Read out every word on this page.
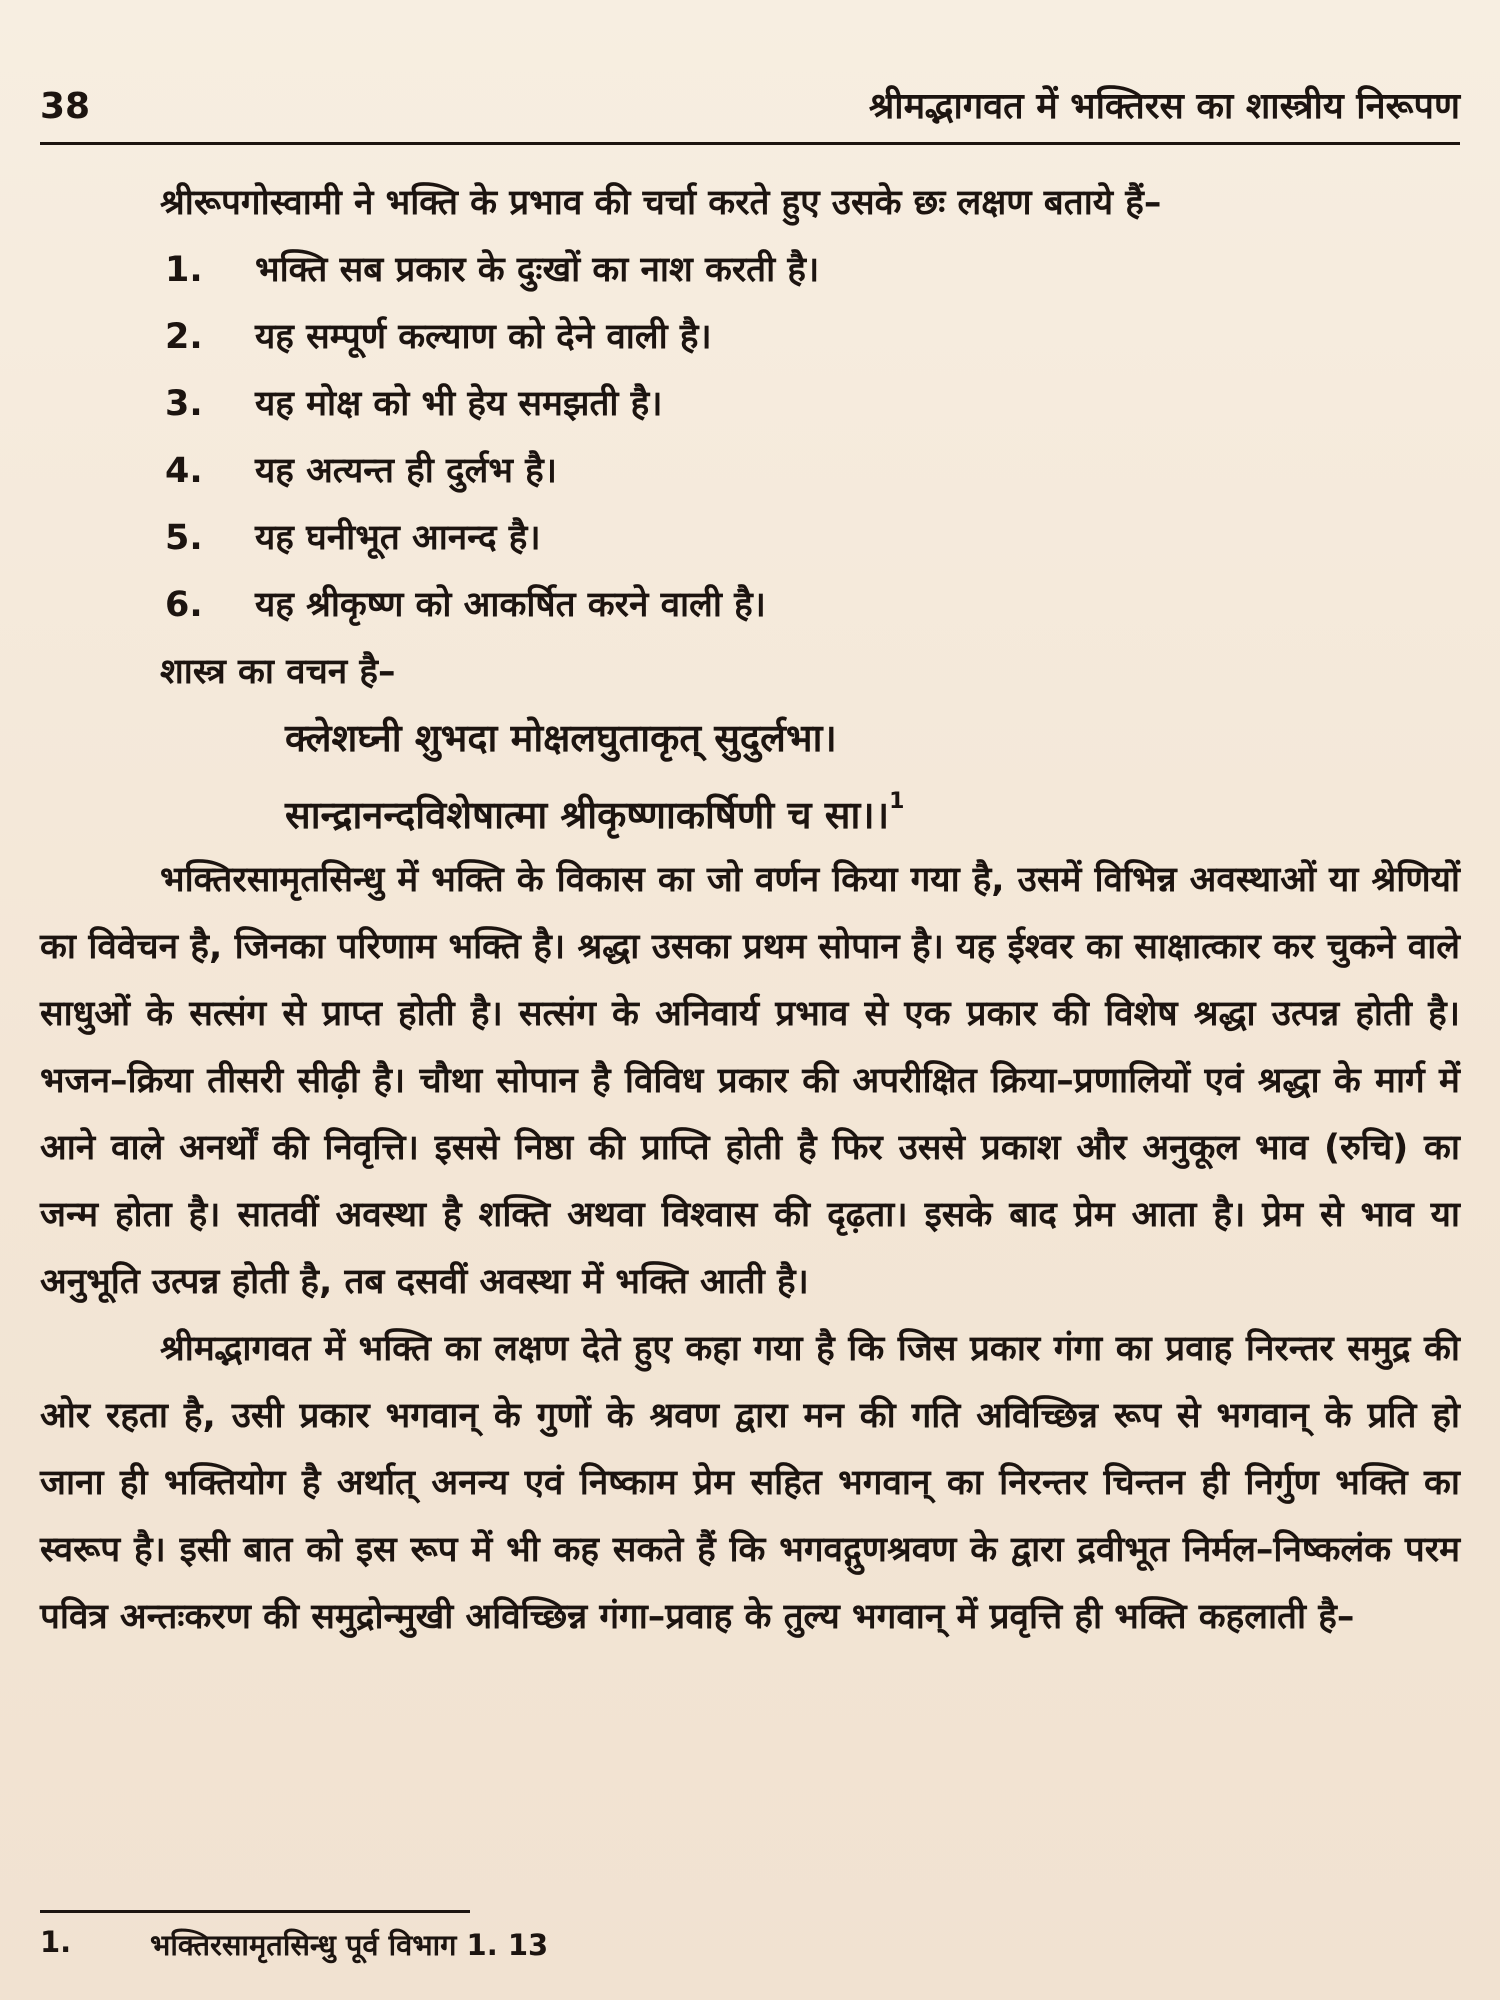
38	श्रीमद्भागवत में भक्तिरस का शास्त्रीय निरूपण

श्रीरूपगोस्वामी ने भक्ति के प्रभाव की चर्चा करते हुए उसके छः लक्षण बताये हैं–

1.	भक्ति सब प्रकार के दुःखों का नाश करती है।
2.	यह सम्पूर्ण कल्याण को देने वाली है।
3.	यह मोक्ष को भी हेय समझती है।
4.	यह अत्यन्त ही दुर्लभ है।
5.	यह घनीभूत आनन्द है।
6.	यह श्रीकृष्ण को आकर्षित करने वाली है।

शास्त्र का वचन है–

क्लेशघ्नी शुभदा मोक्षलघुताकृत् सुदुर्लभा।

सान्द्रानन्दविशेषात्मा श्रीकृष्णाकर्षिणी च सा।।$^1$

भक्तिरसामृतसिन्धु में भक्ति के विकास का जो वर्णन किया गया है, उसमें विभिन्न अवस्थाओं या श्रेणियों का विवेचन है, जिनका परिणाम भक्ति है। श्रद्धा उसका प्रथम सोपान है। यह ईश्वर का साक्षात्कार कर चुकने वाले साधुओं के सत्संग से प्राप्त होती है। सत्संग के अनिवार्य प्रभाव से एक प्रकार की विशेष श्रद्धा उत्पन्न होती है। भजन–क्रिया तीसरी सीढ़ी है। चौथा सोपान है विविध प्रकार की अपरीक्षित क्रिया–प्रणालियों एवं श्रद्धा के मार्ग में आने वाले अनर्थों की निवृत्ति। इससे निष्ठा की प्राप्ति होती है फिर उससे प्रकाश और अनुकूल भाव (रुचि) का जन्म होता है। सातवीं अवस्था है शक्ति अथवा विश्वास की दृढ़ता। इसके बाद प्रेम आता है। प्रेम से भाव या अनुभूति उत्पन्न होती है, तब दसवीं अवस्था में भक्ति आती है।

श्रीमद्भागवत में भक्ति का लक्षण देते हुए कहा गया है कि जिस प्रकार गंगा का प्रवाह निरन्तर समुद्र की ओर रहता है, उसी प्रकार भगवान् के गुणों के श्रवण द्वारा मन की गति अविच्छिन्न रूप से भगवान् के प्रति हो जाना ही भक्तियोग है अर्थात् अनन्य एवं निष्काम प्रेम सहित भगवान् का निरन्तर चिन्तन ही निर्गुण भक्ति का स्वरूप है। इसी बात को इस रूप में भी कह सकते हैं कि भगवद्गुणश्रवण के द्वारा द्रवीभूत निर्मल–निष्कलंक परम पवित्र अन्तःकरण की समुद्रोन्मुखी अविच्छिन्न गंगा–प्रवाह के तुल्य भगवान् में प्रवृत्ति ही भक्ति कहलाती है–

1.	भक्तिरसामृतसिन्धु पूर्व विभाग 1. 13
